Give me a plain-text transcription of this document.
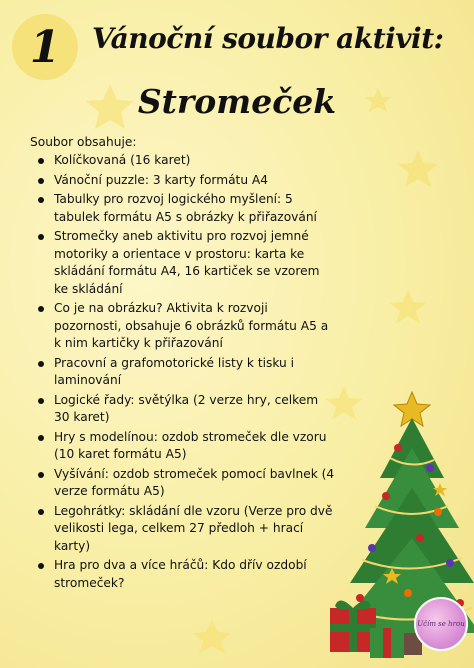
1 Vánoční soubor aktivit:
Stromeček
Soubor obsahuje:
Kolíčkovaná (16 karet)
Vánoční puzzle: 3 karty formátu A4
Tabulky pro rozvoj logického myšlení: 5 tabulek formátu A5 s obrázky k přiřazování
Stromečky aneb aktivitu pro rozvoj jemné motoriky a orientace v prostoru: karta ke skládání formátu A4, 16 kartiček se vzorem ke skládání
Co je na obrázku? Aktivita k rozvoji pozornosti, obsahuje 6 obrázků formátu A5 a k nim kartičky k přiřazování
Pracovní a grafomotorické listy k tisku i laminování
Logické řady: světýlka (2 verze hry, celkem 30 karet)
Hry s modelínou: ozdob stromeček dle vzoru (10 karet formátu A5)
Vyšívání: ozdob stromeček pomocí bavlnek (4 verze formátu A5)
Legohrátky: skládání dle vzoru (Verze pro dvě velikosti lega, celkem 27 předloh + hrací karty)
Hra pro dva a více hráčů: Kdo dřív ozdobí stromeček?
Učím se hrou
